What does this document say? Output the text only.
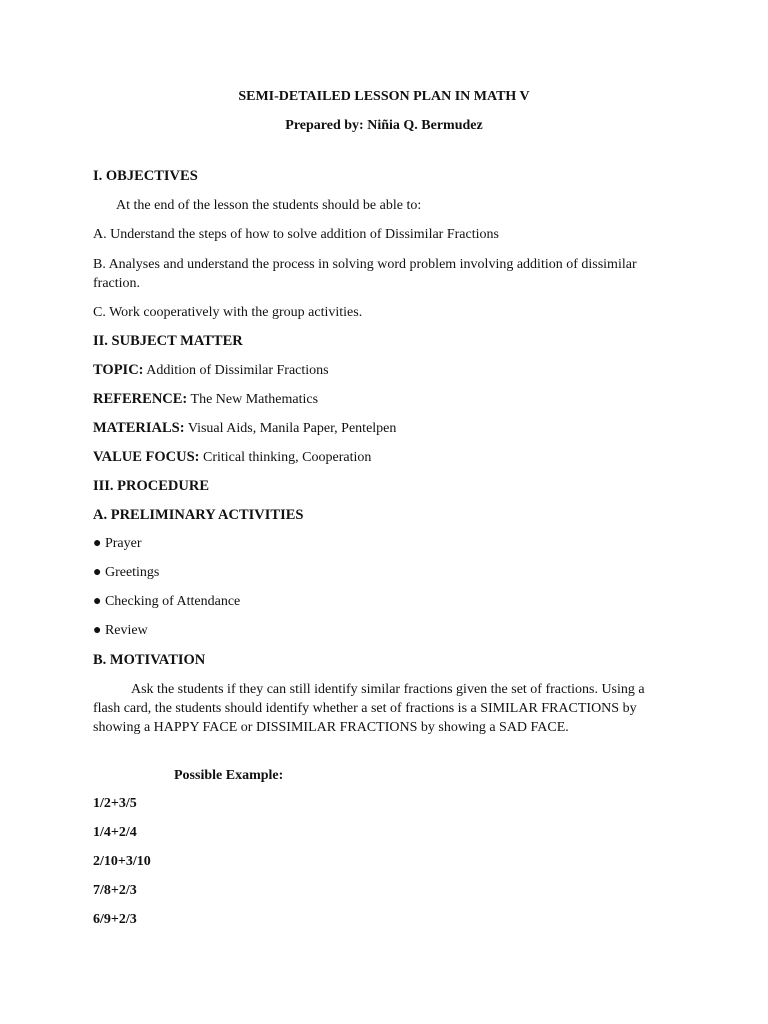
SEMI-DETAILED LESSON PLAN IN MATH V
Prepared by: Niñia Q. Bermudez
I. OBJECTIVES
At the end of the lesson the students should be able to:
A. Understand the steps of how to solve addition of Dissimilar Fractions
B. Analyses and understand the process in solving word problem involving addition of dissimilar fraction.
C. Work cooperatively with the group activities.
II. SUBJECT MATTER
TOPIC: Addition of Dissimilar Fractions
REFERENCE: The New Mathematics
MATERIALS: Visual Aids, Manila Paper, Pentelpen
VALUE FOCUS: Critical thinking, Cooperation
III. PROCEDURE
A. PRELIMINARY ACTIVITIES
● Prayer
● Greetings
● Checking of Attendance
● Review
B. MOTIVATION
Ask the students if they can still identify similar fractions given the set of fractions. Using a flash card, the students should identify whether a set of fractions is a SIMILAR FRACTIONS by showing a HAPPY FACE or DISSIMILAR FRACTIONS by showing a SAD FACE.
Possible Example:
1/2+3/5
1/4+2/4
2/10+3/10
7/8+2/3
6/9+2/3
